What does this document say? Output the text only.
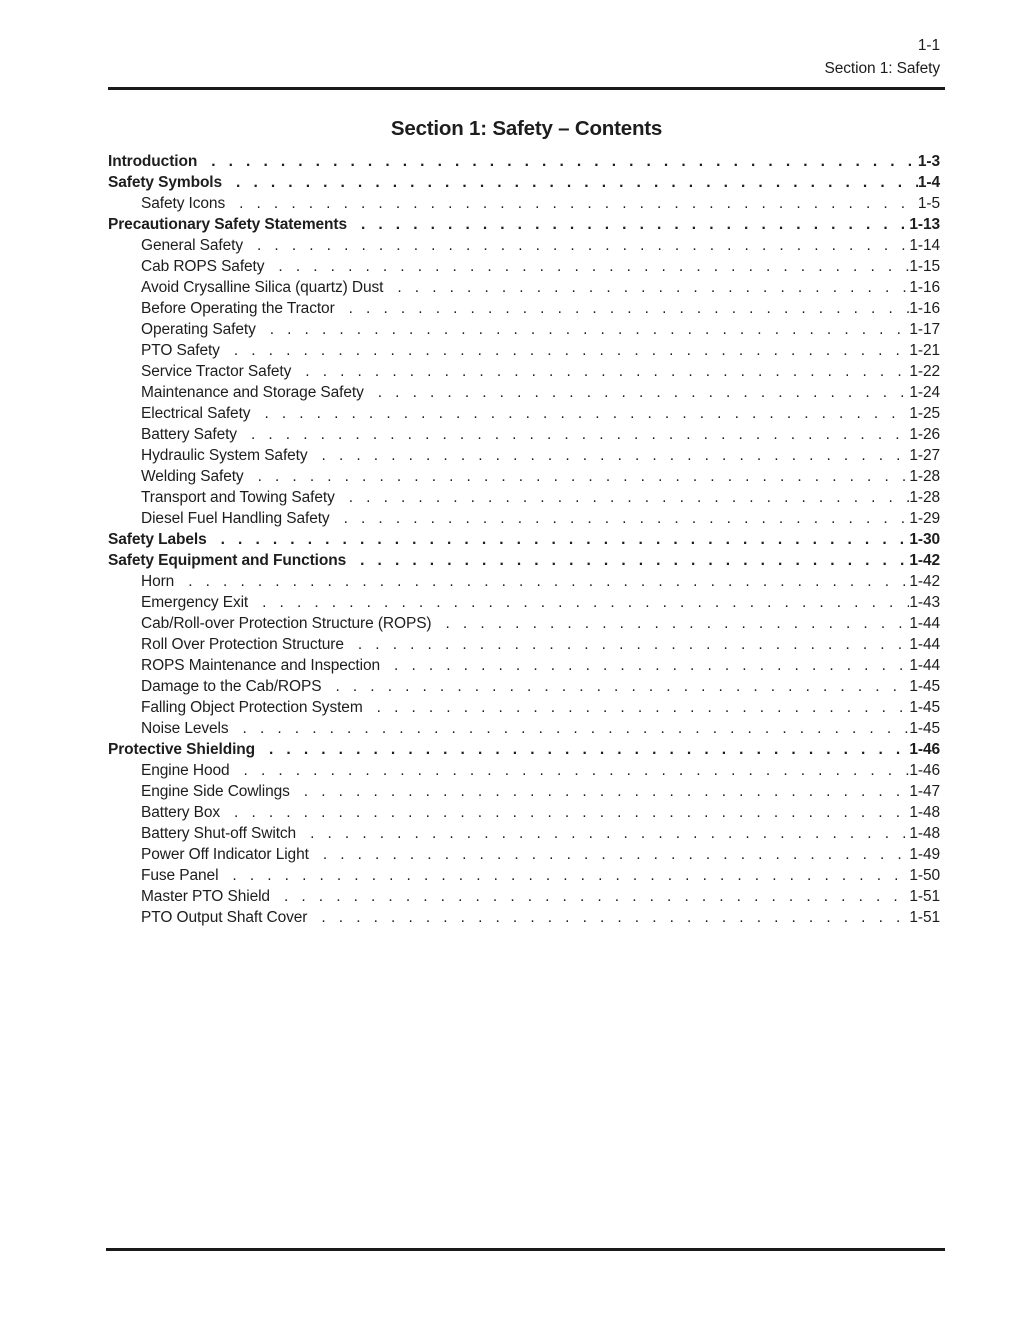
1-1
Section 1: Safety
Section 1: Safety – Contents
Introduction . . .	1-3
Safety Symbols . . .	1-4
Safety Icons . . .	1-5
Precautionary Safety Statements . . .	1-13
General Safety . . .	1-14
Cab ROPS Safety . . .	1-15
Avoid Crysalline Silica (quartz) Dust . . .	1-16
Before Operating the Tractor . . .	1-16
Operating Safety . . .	1-17
PTO Safety . . .	1-21
Service Tractor Safety . . .	1-22
Maintenance and Storage Safety . . .	1-24
Electrical Safety . . .	1-25
Battery Safety . . .	1-26
Hydraulic System Safety . . .	1-27
Welding Safety . . .	1-28
Transport and Towing Safety . . .	1-28
Diesel Fuel Handling Safety . . .	1-29
Safety Labels . . .	1-30
Safety Equipment and Functions . . .	1-42
Horn . . .	1-42
Emergency Exit . . .	1-43
Cab/Roll-over Protection Structure (ROPS) . . .	1-44
Roll Over Protection Structure . . .	1-44
ROPS Maintenance and Inspection . . .	1-44
Damage to the Cab/ROPS . . .	1-45
Falling Object Protection System . . .	1-45
Noise Levels . . .	1-45
Protective Shielding . . .	1-46
Engine Hood . . .	1-46
Engine Side Cowlings . . .	1-47
Battery Box . . .	1-48
Battery Shut-off Switch . . .	1-48
Power Off Indicator Light . . .	1-49
Fuse Panel . . .	1-50
Master PTO Shield . . .	1-51
PTO Output Shaft Cover . . .	1-51
